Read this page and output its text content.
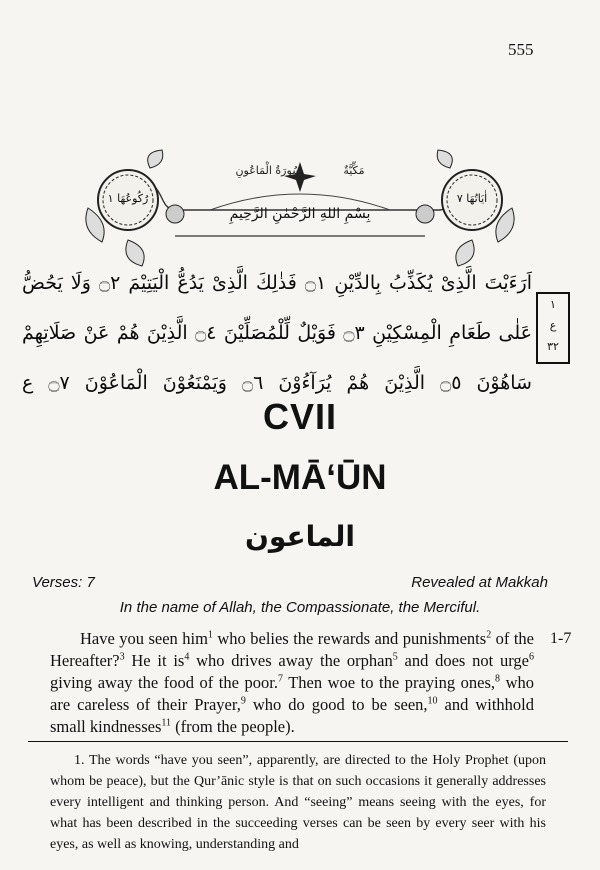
555
مَكِّيَّةٌ            سُورَةُ الْمَاعُونِ
بِسْمِ اللهِ الرَّحْمٰنِ الرَّحِيمِ
رُكُوعُهَا ١	اٰيَاتُهَا ٧
اَرَءَيْتَ الَّذِىْ يُكَذِّبُ بِالدِّيْنِ ۝١ فَذٰلِكَ الَّذِىْ يَدُعُّ الْيَتِيْمَ ۝٢ وَلَا يَحُضُّ
عَلٰى طَعَامِ الْمِسْكِيْنِ ۝٣ فَوَيْلٌ لِّلْمُصَلِّيْنَ ۝٤ الَّذِيْنَ هُمْ عَنْ صَلَاتِهِمْ
سَاهُوْنَ ۝٥ الَّذِيْنَ هُمْ يُرَآءُوْنَ ۝٦ وَيَمْنَعُوْنَ الْمَاعُوْنَ ۝٧ ع
١
ع
٣٢
CVII
AL-MĀ‘ŪN
الماعون
Verses: 7	Revealed at Makkah
In the name of Allah, the Compassionate, the Merciful.
Have you seen him$^1$ who belies the rewards and punishments$^2$ of the Hereafter?$^3$ He it $is^4$ who drives away the orphan$^5$ and does not urge$^6$ giving away the food of the poor.$^7$ Then woe to the praying ones,$^8$ who are careless of their Prayer,$^9$ who do good to be seen,$^{10}$ and withhold small kindnesses$^{11}$ (from the people).
1-7
1. The words “have you seen”, apparently, are directed to the Holy Prophet (upon whom be peace), but the Qur’ānic style is that on such occasions it generally addresses every intelligent and thinking person. And “seeing” means seeing with the eyes, for what has been described in the succeeding verses can be seen by every seer with his eyes, as well as knowing, understanding and
